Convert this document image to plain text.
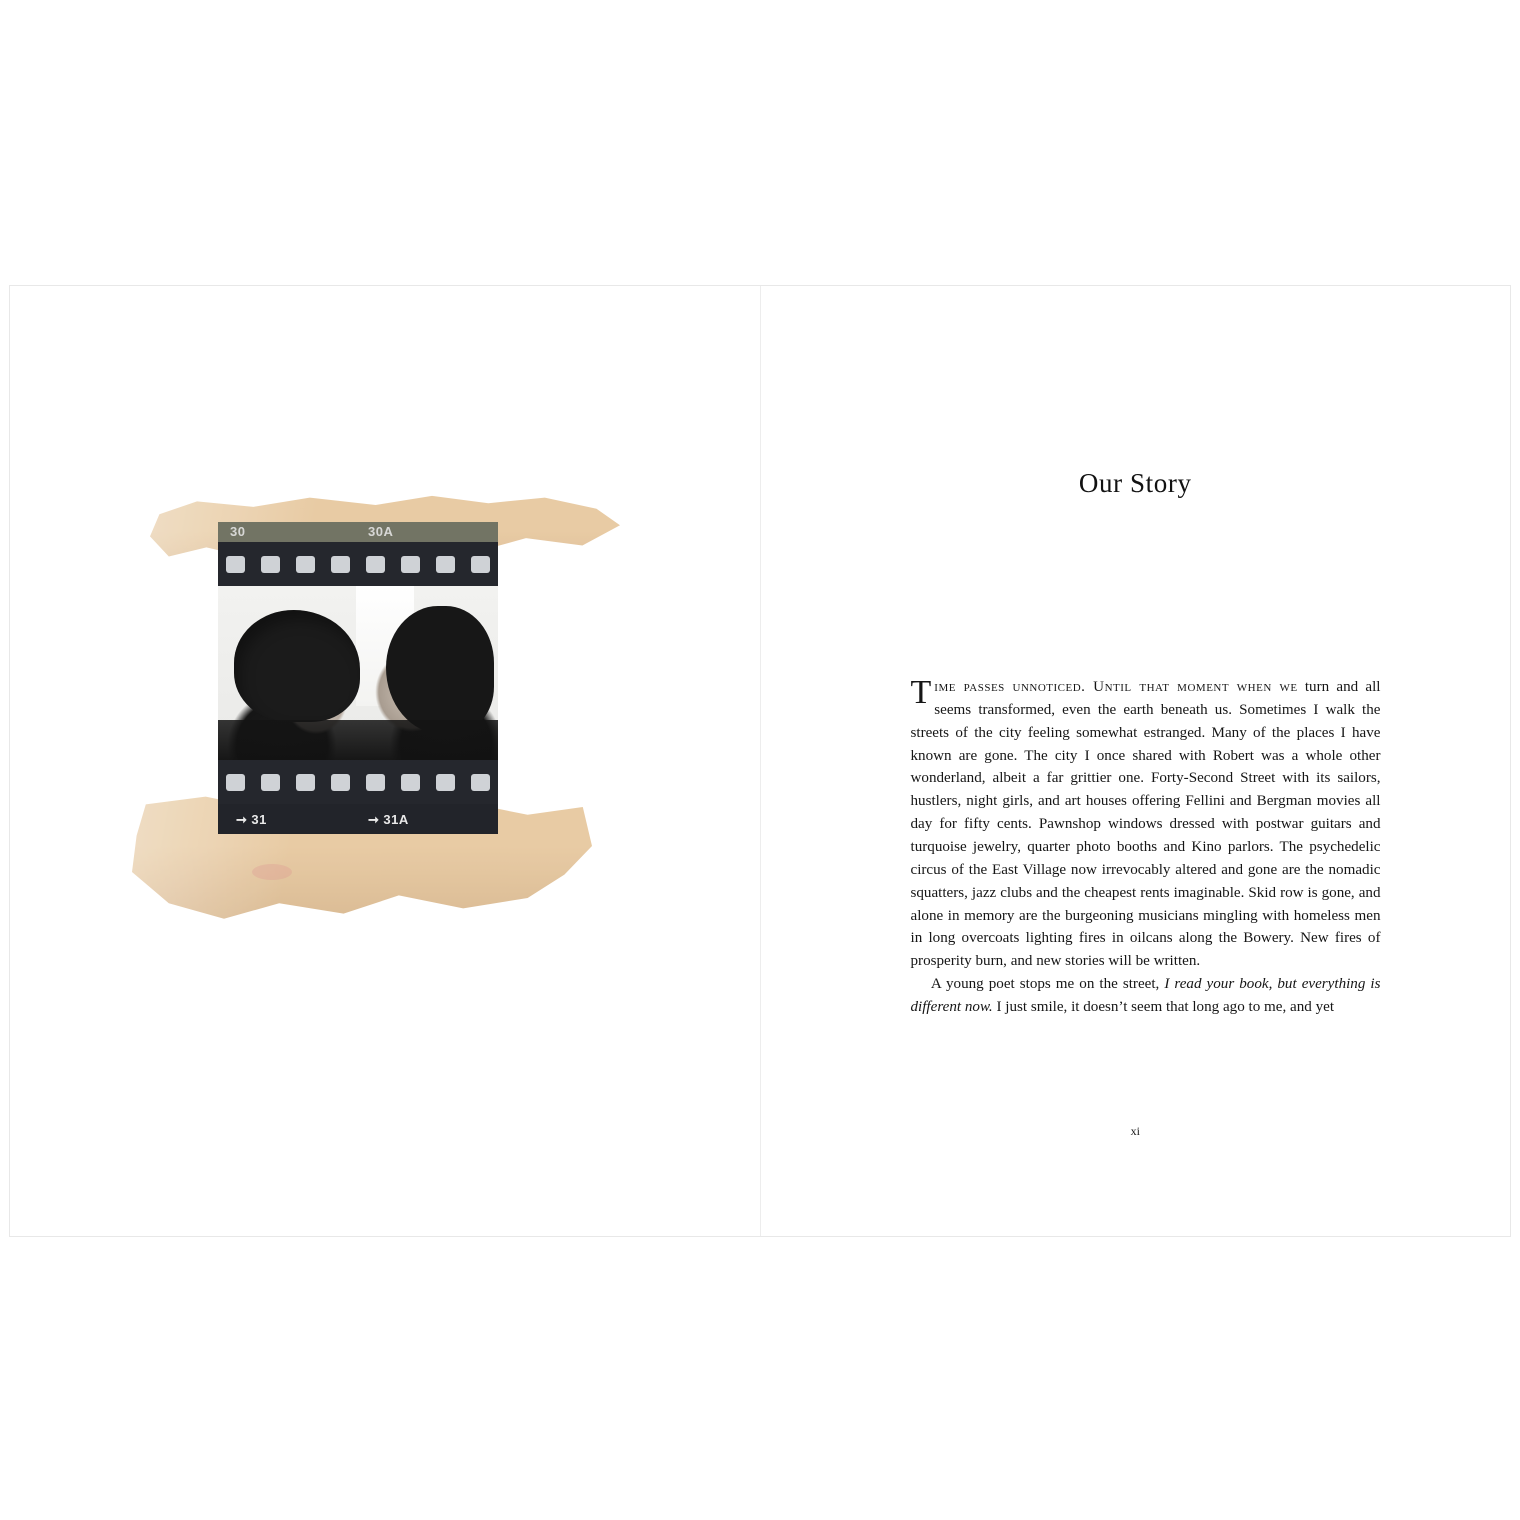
30	30A
➞ 31	➞ 31A
Our Story

Time passes unnoticed. Until that moment when we turn and all seems transformed, even the earth beneath us. Sometimes I walk the streets of the city feeling somewhat estranged. Many of the places I have known are gone. The city I once shared with Robert was a whole other wonderland, albeit a far grittier one. Forty-Second Street with its sailors, hustlers, night girls, and art houses offering Fellini and Bergman movies all day for fifty cents. Pawnshop windows dressed with postwar guitars and turquoise jewelry, quarter photo booths and Kino parlors. The psychedelic circus of the East Village now irrevocably altered and gone are the nomadic squatters, jazz clubs and the cheapest rents imaginable. Skid row is gone, and alone in memory are the burgeoning musicians mingling with homeless men in long overcoats lighting fires in oilcans along the Bowery. New fires of prosperity burn, and new stories will be written.

A young poet stops me on the street, I read your book, but everything is different now. I just smile, it doesn’t seem that long ago to me, and yet

xi
